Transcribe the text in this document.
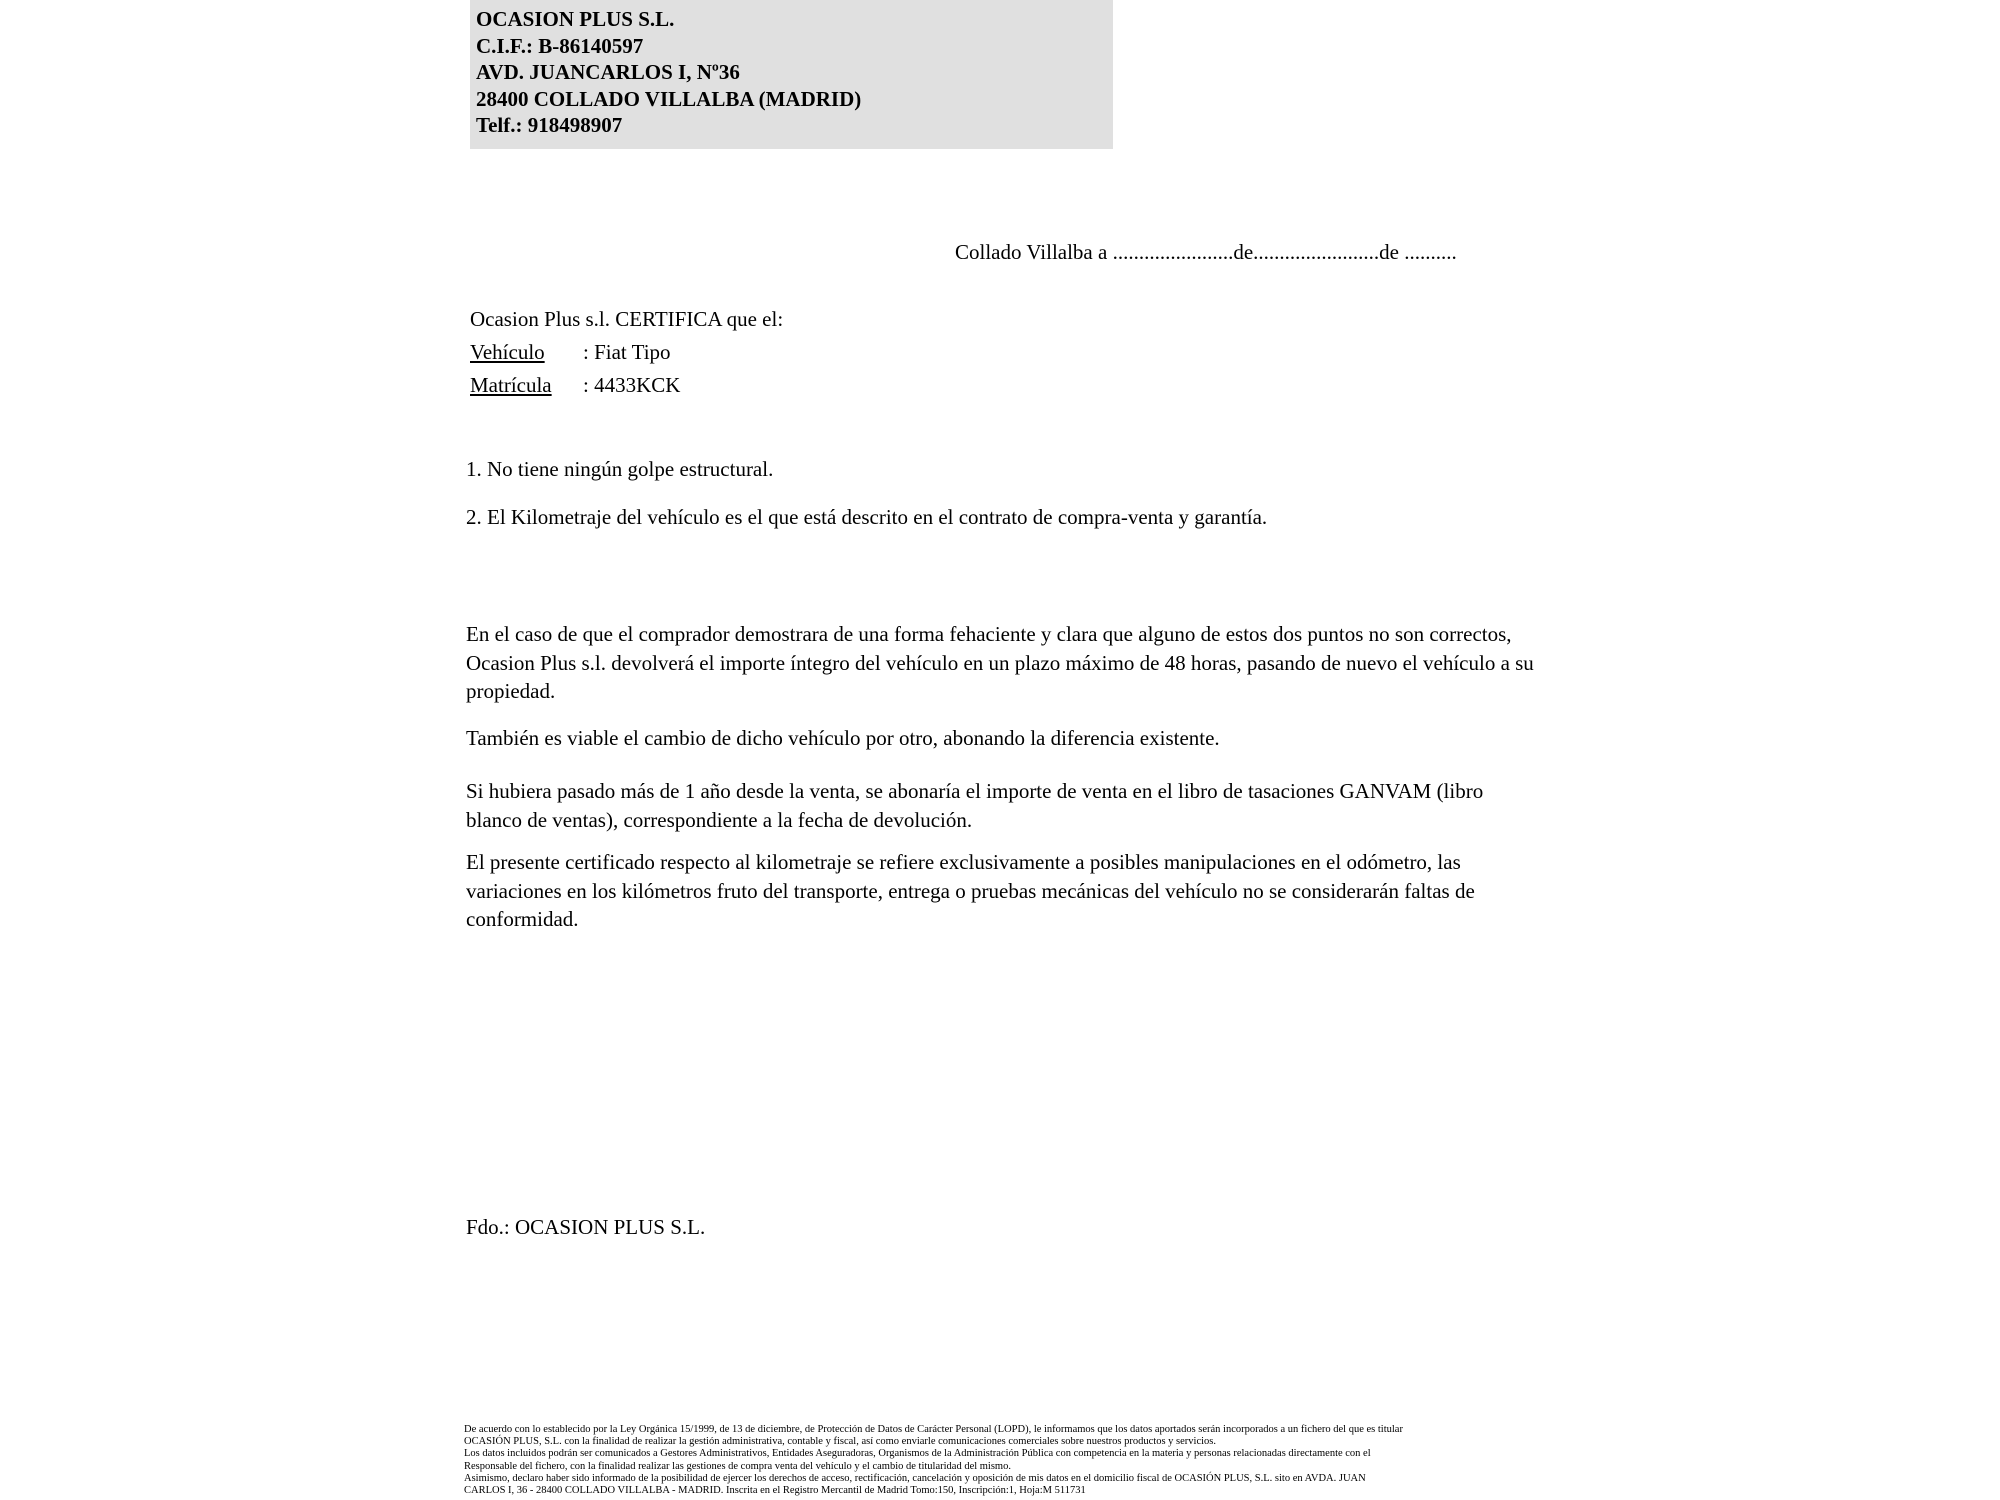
OCASION PLUS S.L.
C.I.F.: B-86140597
AVD. JUANCARLOS I, Nº36
28400 COLLADO VILLALBA (MADRID)
Telf.: 918498907
Collado Villalba a .......................de........................de ..........
Ocasion Plus s.l. CERTIFICA que el:
Vehículo : Fiat Tipo
Matrícula : 4433KCK
1. No tiene ningún golpe estructural.
2. El Kilometraje del vehículo es el que está descrito en el contrato de compra-venta y garantía.
En el caso de que el comprador demostrara de una forma fehaciente y clara que alguno de estos dos puntos no son correctos, Ocasion Plus s.l. devolverá el importe íntegro del vehículo en un plazo máximo de 48 horas, pasando de nuevo el vehículo a su propiedad.
También es viable el cambio de dicho vehículo por otro, abonando la diferencia existente.
Si hubiera pasado más de 1 año desde la venta, se abonaría el importe de venta en el libro de tasaciones GANVAM (libro blanco de ventas), correspondiente a la fecha de devolución.
El presente certificado respecto al kilometraje se refiere exclusivamente a posibles manipulaciones en el odómetro, las variaciones en los kilómetros fruto del transporte, entrega o pruebas mecánicas del vehículo no se considerarán faltas de conformidad.
Fdo.: OCASION PLUS S.L.

De acuerdo con lo establecido por la Ley Orgánica 15/1999, de 13 de diciembre, de Protección de Datos de Carácter Personal (LOPD), le informamos que los datos aportados serán incorporados a un fichero del que es titular

OCASIÓN PLUS, S.L. con la finalidad de realizar la gestión administrativa, contable y fiscal, así como enviarle comunicaciones comerciales sobre nuestros productos y servicios.

Los datos incluidos podrán ser comunicados a Gestores Administrativos, Entidades Aseguradoras, Organismos de la Administración Pública con competencia en la materia y personas relacionadas directamente con el

Responsable del fichero, con la finalidad realizar las gestiones de compra venta del vehículo y el cambio de titularidad del mismo.

Asimismo, declaro haber sido informado de la posibilidad de ejercer los derechos de acceso, rectificación, cancelación y oposición de mis datos en el domicilio fiscal de OCASIÓN PLUS, S.L. sito en AVDA. JUAN

CARLOS I, 36 - 28400 COLLADO VILLALBA - MADRID. Inscrita en el Registro Mercantil de Madrid Tomo:150, Inscripción:1, Hoja:M 511731
